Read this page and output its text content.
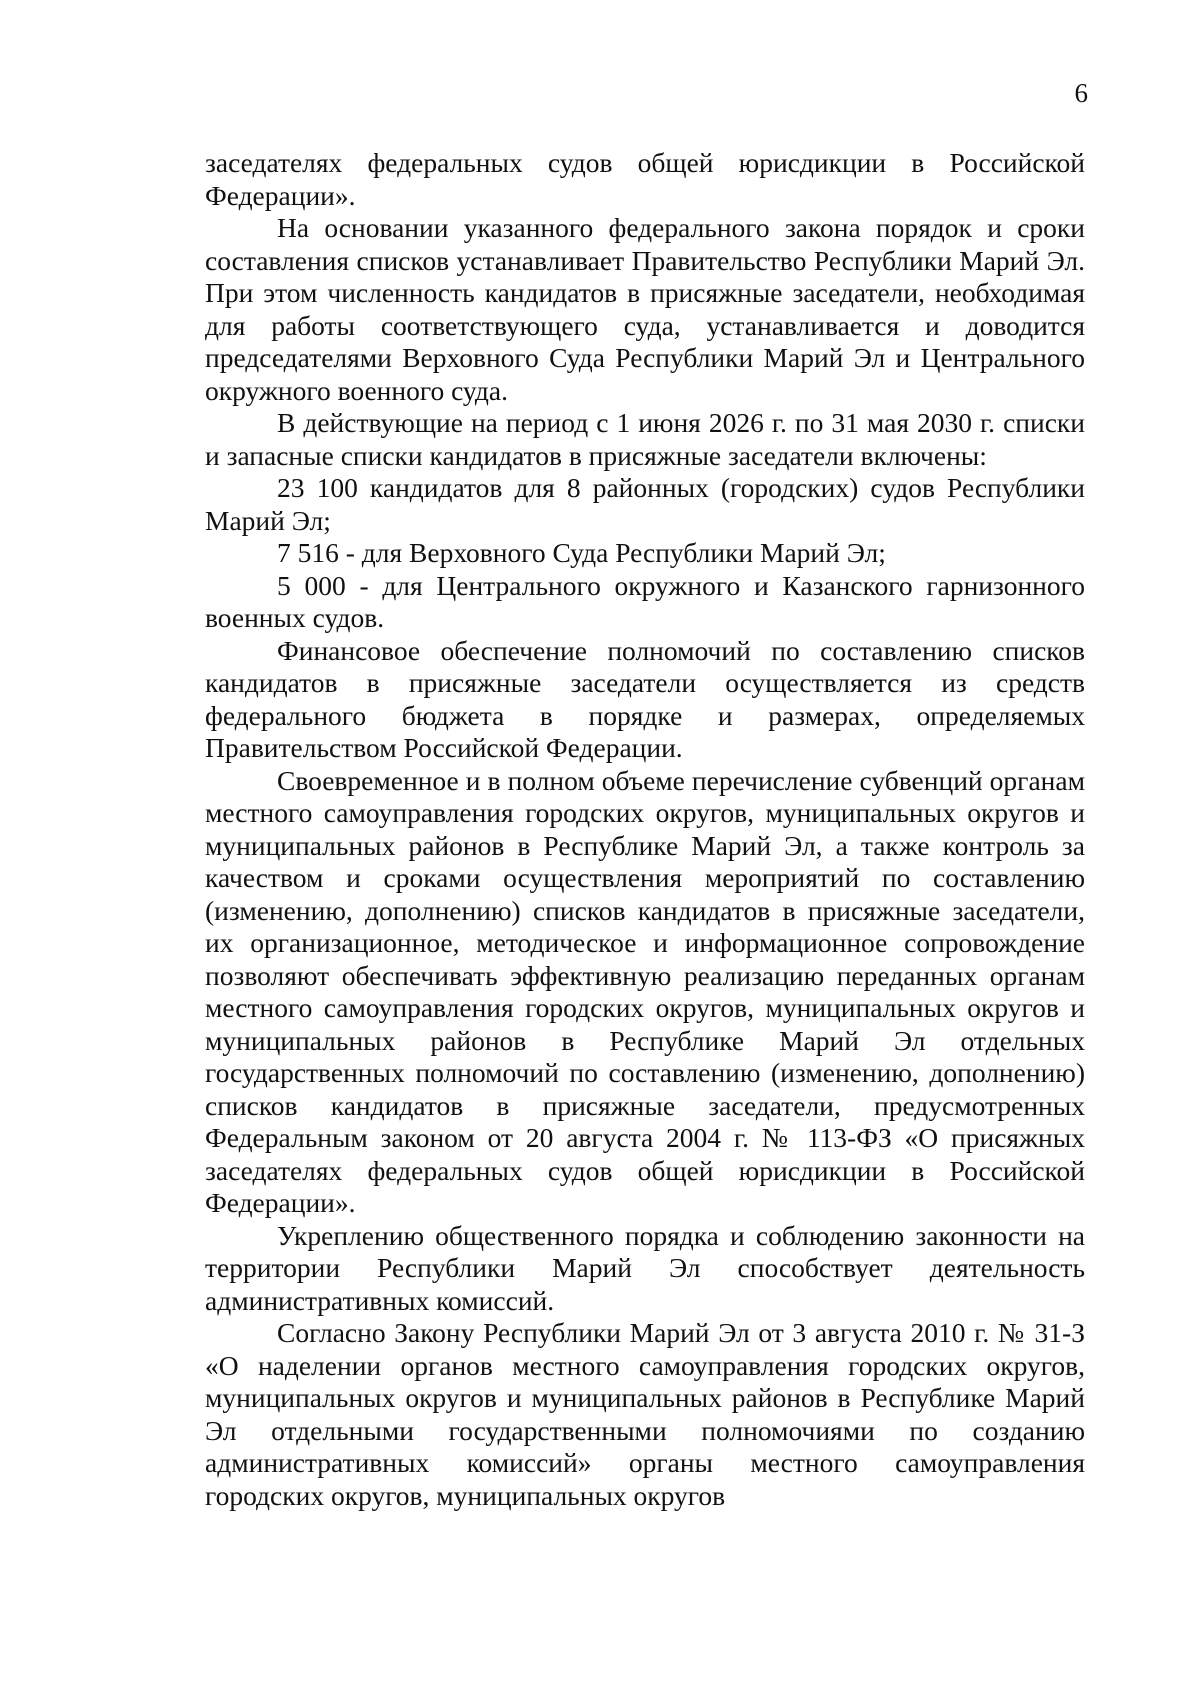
6

заседателях федеральных судов общей юрисдикции в Российской Федерации».

На основании указанного федерального закона порядок и сроки составления списков устанавливает Правительство Республики Марий Эл. При этом численность кандидатов в присяжные заседатели, необходимая для работы соответствующего суда, устанавливается и доводится председателями Верховного Суда Республики Марий Эл и Центрального окружного военного суда.

В действующие на период с 1 июня 2026 г. по 31 мая 2030 г. списки и запасные списки кандидатов в присяжные заседатели включены:

23 100 кандидатов для 8 районных (городских) судов Республики Марий Эл;

7 516 - для Верховного Суда Республики Марий Эл;

5 000 - для Центрального окружного и Казанского гарнизонного военных судов.

Финансовое обеспечение полномочий по составлению списков кандидатов в присяжные заседатели осуществляется из средств федерального бюджета в порядке и размерах, определяемых Правительством Российской Федерации.

Своевременное и в полном объеме перечисление субвенций органам местного самоуправления городских округов, муниципальных округов и муниципальных районов в Республике Марий Эл, а также контроль за качеством и сроками осуществления мероприятий по составлению (изменению, дополнению) списков кандидатов в присяжные заседатели, их организационное, методическое и информационное сопровождение позволяют обеспечивать эффективную реализацию переданных органам местного самоуправления городских округов, муниципальных округов и муниципальных районов в Республике Марий Эл отдельных государственных полномочий по составлению (изменению, дополнению) списков кандидатов в присяжные заседатели, предусмотренных Федеральным законом от 20 августа 2004 г. № 113-ФЗ «О присяжных заседателях федеральных судов общей юрисдикции в Российской Федерации».

Укреплению общественного порядка и соблюдению законности на территории Республики Марий Эл способствует деятельность административных комиссий.

Согласно Закону Республики Марий Эл от 3 августа 2010 г. № 31-З «О наделении органов местного самоуправления городских округов, муниципальных округов и муниципальных районов в Республике Марий Эл отдельными государственными полномочиями по созданию административных комиссий» органы местного самоуправления городских округов, муниципальных округов
